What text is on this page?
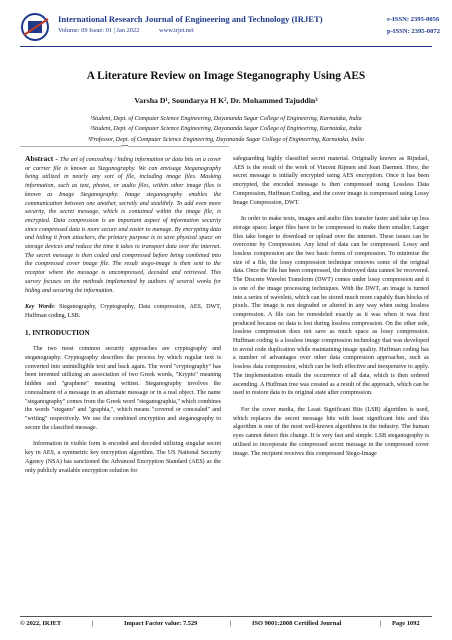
International Research Journal of Engineering and Technology (IRJET)
Volume: 09 Issue: 01 | Jan 2022	www.irjet.net
e-ISSN: 2395-0056
p-ISSN: 2395-0072
A Literature Review on Image Steganography Using AES
Varsha D¹, Soundarya H K², Dr. Mohammed Tajuddin³
¹Student, Dept. of Computer Science Engineering, Dayananda Sagar College of Engineering, Karnataka, India
²Student, Dept. of Computer Science Engineering, Dayananda Sagar College of Engineering, Karnataka, India
³Professor, Dept. of Computer Science Engineering, Dayananda Sagar College of Engineering, Karnataka, India
---------------------------------------------------------------------***---------------------------------------------------------------------

Abstract - The art of concealing / hiding information or data bits on a cover or carrier file is known as Steganography. We can envisage Steganography being utilized in nearly any sort of file, including image files. Masking information, such as text, photos, or audio files, within other image files is known as Image Steganography. Image steganography enables the communication between one another, secretly and stealthily. To add even more security, the secret message, which is contained within the image file, is encrypted. Data compression is an important aspect of information security since compressed data is more secure and easier to manage. By encrypting data and hiding it from attackers, the primary purpose is to save physical space on storage devices and reduce the time it takes to transport data over the internet. The secret message is then coded and compressed before being combined into the compressed cover image file. The result stego-image is then sent to the receptor where the message is uncompressed, decoded and retrieved. This survey focuses on the methods implemented by authors of several works for hiding and securing the information.

Key Words: Steganography, Cryptography, Data compression, AES, DWT, Huffman coding, LSB.

1. INTRODUCTION

The two most common security approaches are cryptography and steganography. Cryptography describes the process by which regular text is converted into unintelligible text and back again. The word "cryptography" has been invented utilizing an association of two Greek words, "Krypto" meaning hidden and "graphene" meaning written. Steganography involves the concealment of a message in an alternate message or in a real object. The name "steganography" comes from the Greek word "steganographia," which combines the words "stegano" and "graphia,", which means "covered or concealed" and "writing" respectively. We use the combined encryption and steganography to secure the classified message.

Information in visible form is encoded and decoded utilizing singular secret key in AES, a symmetric key encryption algorithm. The US National Security Agency (NSA) has sanctioned the Advanced Encryption Standard (AES) as the only publicly available encryption solution for

safeguarding highly classified secret material. Originally known as Rijndael, AES is the result of the work of Vincent Rijmen and Joan Daemen. Here, the secret message is initially encrypted using AES encryption. Once it has been encrypted, the encoded message is then compressed using Lossless Data Compression, Huffman Coding, and the cover image is compressed using Lossy Image Compression, DWT.

In order to make texts, images and audio files transfer faster and take up less storage space; larger files have to be compressed to make them smaller. Larger files take longer to download or upload over the internet. These issues can be overcome by Compression. Any kind of data can be compressed. Lossy and lossless compression are the two basic forms of compression. To minimise the size of a file, the lossy compression technique removes some of the original data. Once the file has been compressed, the destroyed data cannot be recovered. The Discrete Wavelet Transform (DWT) comes under lossy compression and it is one of the image processing techniques. With the DWT, an image is turned into a series of wavelets, which can be stored much more capably than blocks of pixels. The image is not degraded or altered in any way when using lossless compression. A file can be remodeled exactly as it was when it was first produced because no data is lost during lossless compression. On the other side, lossless compression does not save as much space as lossy compression. Huffman coding is a lossless image compression technology that was developed to avoid code duplication while maintaining image quality. Huffman coding has a number of advantages over other data compression approaches, such as lossless data compression, which can be both effective and inexpensive to apply. The implementation entails the occurrence of all data, which is then ordered ascending. A Huffman tree was created as a result of the approach, which can be used to restore data to its original state after compression.

For the cover media, the Least Significant Bits (LSB) algorithm is used, which replaces the secret message bits with least significant bits and this algorithm is one of the most well-known algorithms in the industry. The human eyes cannot detect this change. It is very fast and simple. LSB steganography is utilised to incorporate the compressed secret message in the compressed cover image. The recipient receives this compressed Stego-Image

© 2022, IRJET	|	Impact Factor value: 7.529	|	ISO 9001:2008 Certified Journal	| Page 1092
